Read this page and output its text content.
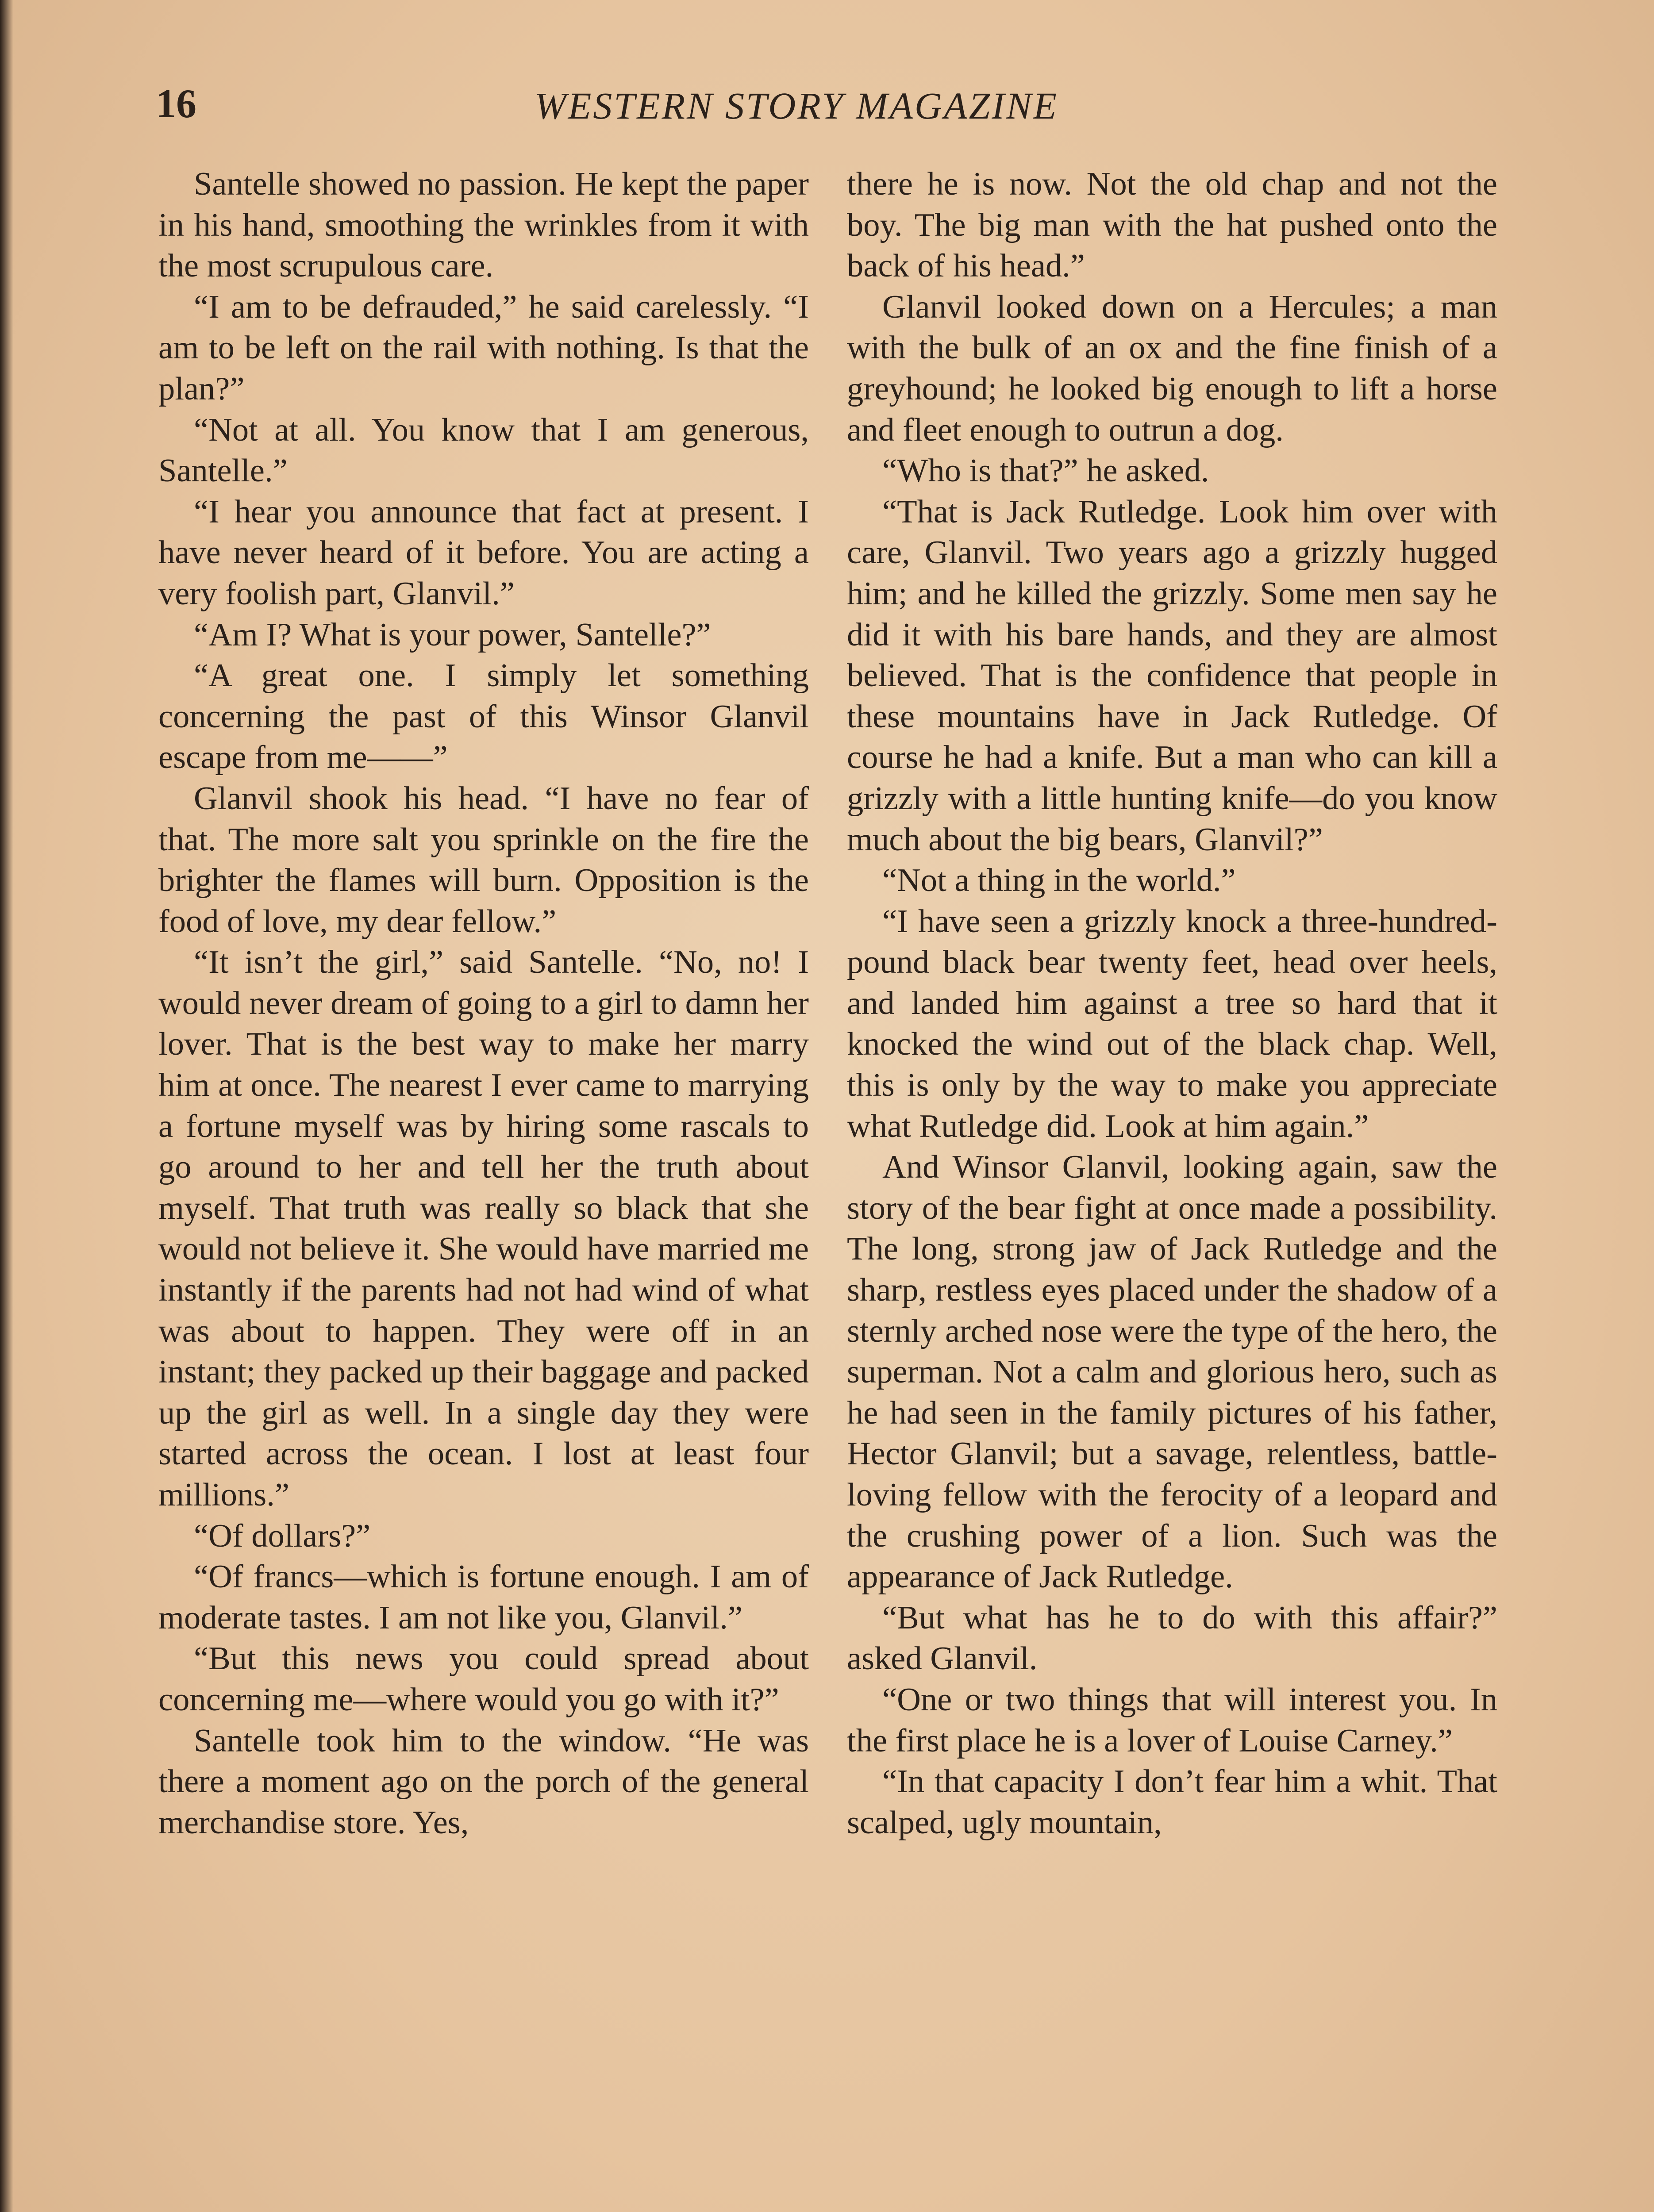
16	WESTERN STORY MAGAZINE

Santelle showed no passion. He kept the paper in his hand, smoothing the wrinkles from it with the most scrupulous care.

“I am to be defrauded,” he said carelessly. “I am to be left on the rail with nothing. Is that the plan?”

“Not at all. You know that I am generous, Santelle.”

“I hear you announce that fact at present. I have never heard of it before. You are acting a very foolish part, Glanvil.”

“Am I? What is your power, Santelle?”

“A great one. I simply let something concerning the past of this Winsor Glanvil escape from me——”

Glanvil shook his head. “I have no fear of that. The more salt you sprinkle on the fire the brighter the flames will burn. Opposition is the food of love, my dear fellow.”

“It isn’t the girl,” said Santelle. “No, no! I would never dream of going to a girl to damn her lover. That is the best way to make her marry him at once. The nearest I ever came to marrying a fortune myself was by hiring some rascals to go around to her and tell her the truth about myself. That truth was really so black that she would not believe it. She would have married me instantly if the parents had not had wind of what was about to happen. They were off in an instant; they packed up their baggage and packed up the girl as well. In a single day they were started across the ocean. I lost at least four millions.”

“Of dollars?”

“Of francs—which is fortune enough. I am of moderate tastes. I am not like you, Glanvil.”

“But this news you could spread about concerning me—where would you go with it?”

Santelle took him to the window. “He was there a moment ago on the porch of the general merchandise store. Yes,

there he is now. Not the old chap and not the boy. The big man with the hat pushed onto the back of his head.”

Glanvil looked down on a Hercules; a man with the bulk of an ox and the fine finish of a greyhound; he looked big enough to lift a horse and fleet enough to outrun a dog.

“Who is that?” he asked.

“That is Jack Rutledge. Look him over with care, Glanvil. Two years ago a grizzly hugged him; and he killed the grizzly. Some men say he did it with his bare hands, and they are almost believed. That is the confidence that people in these mountains have in Jack Rutledge. Of course he had a knife. But a man who can kill a grizzly with a little hunting knife—do you know much about the big bears, Glanvil?”

“Not a thing in the world.”

“I have seen a grizzly knock a three-hundred-pound black bear twenty feet, head over heels, and landed him against a tree so hard that it knocked the wind out of the black chap. Well, this is only by the way to make you appreciate what Rutledge did. Look at him again.”

And Winsor Glanvil, looking again, saw the story of the bear fight at once made a possibility. The long, strong jaw of Jack Rutledge and the sharp, restless eyes placed under the shadow of a sternly arched nose were the type of the hero, the superman. Not a calm and glorious hero, such as he had seen in the family pictures of his father, Hector Glanvil; but a savage, relentless, battle-loving fellow with the ferocity of a leopard and the crushing power of a lion. Such was the appearance of Jack Rutledge.

“But what has he to do with this affair?” asked Glanvil.

“One or two things that will interest you. In the first place he is a lover of Louise Carney.”

“In that capacity I don’t fear him a whit. That scalped, ugly mountain,
